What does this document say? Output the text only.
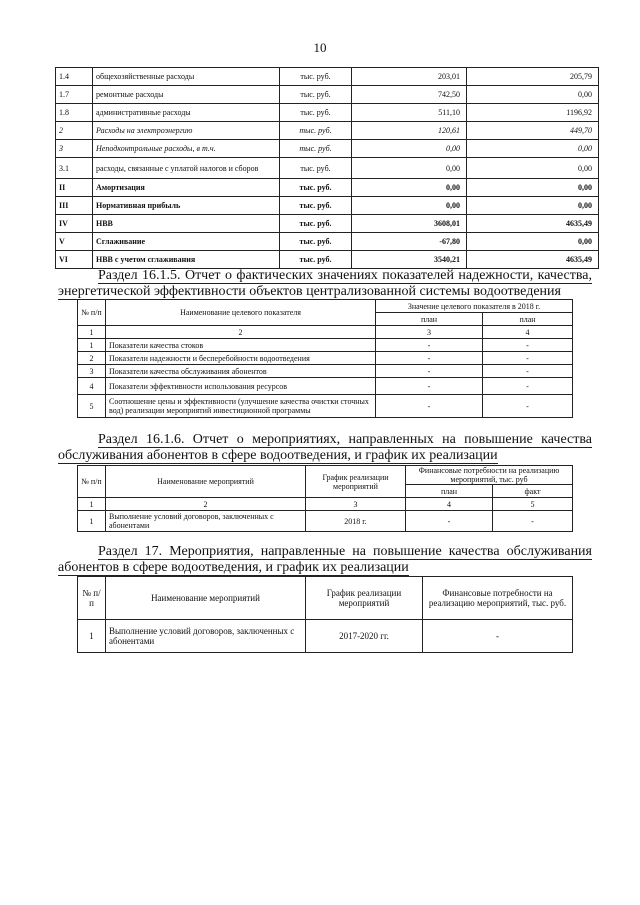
10
1.4	общехозяйственные расходы	тыс. руб.	203,01	205,79
1.7	ремонтные расходы	тыс. руб.	742,50	0,00
1.8	административные расходы	тыс. руб.	511,10	1196,92
2	Расходы на электроэнергию	тыс. руб.	120,61	449,70
3	Неподконтрольные расходы, в т.ч.	тыс. руб.	0,00	0,00
3.1	расходы, связанные с уплатой налогов и сборов	тыс. руб.	0,00	0,00
II	Амортизация	тыс. руб.	0,00	0,00
III	Нормативная прибыль	тыс. руб.	0,00	0,00
IV	НВВ	тыс. руб.	3608,01	4635,49
V	Сглаживание	тыс. руб.	-67,80	0,00
VI	НВВ с учетом сглаживания	тыс. руб.	3540,21	4635,49

Раздел 16.1.5. Отчет о фактических значениях показателей надежности, качества, энергетической эффективности объектов централизованной системы водоотведения

№ п/п	Наименование целевого показателя	Значение целевого показателя в 2018 г.	
		план	план
1	2	3	4
1	Показатели качества стоков	-	-
2	Показатели надежности и бесперебойности водоотведения	-	-
3	Показатели качества обслуживания абонентов	-	-
4	Показатели эффективности использования ресурсов	-	-
5	Соотношение цены и эффективности (улучшение качества очистки сточных вод) реализации мероприятий инвестиционной программы	-	-

Раздел 16.1.6. Отчет о мероприятиях, направленных на повышение качества обслуживания абонентов в сфере водоотведения, и график их реализации

№ п/п	Наименование мероприятий	График реализации мероприятий	Финансовые потребности на реализацию мероприятий, тыс. руб	
			план	факт
1	2	3	4	5
1	Выполнение условий договоров, заключенных с абонентами	2018 г.	-	-

Раздел 17. Мероприятия, направленные на повышение качества обслуживания абонентов в сфере водоотведения, и график их реализации

№ п/п	Наименование мероприятий	График реализации мероприятий	Финансовые потребности на реализацию мероприятий, тыс. руб.
1	Выполнение условий договоров, заключенных с абонентами	2017-2020 гг.	-
